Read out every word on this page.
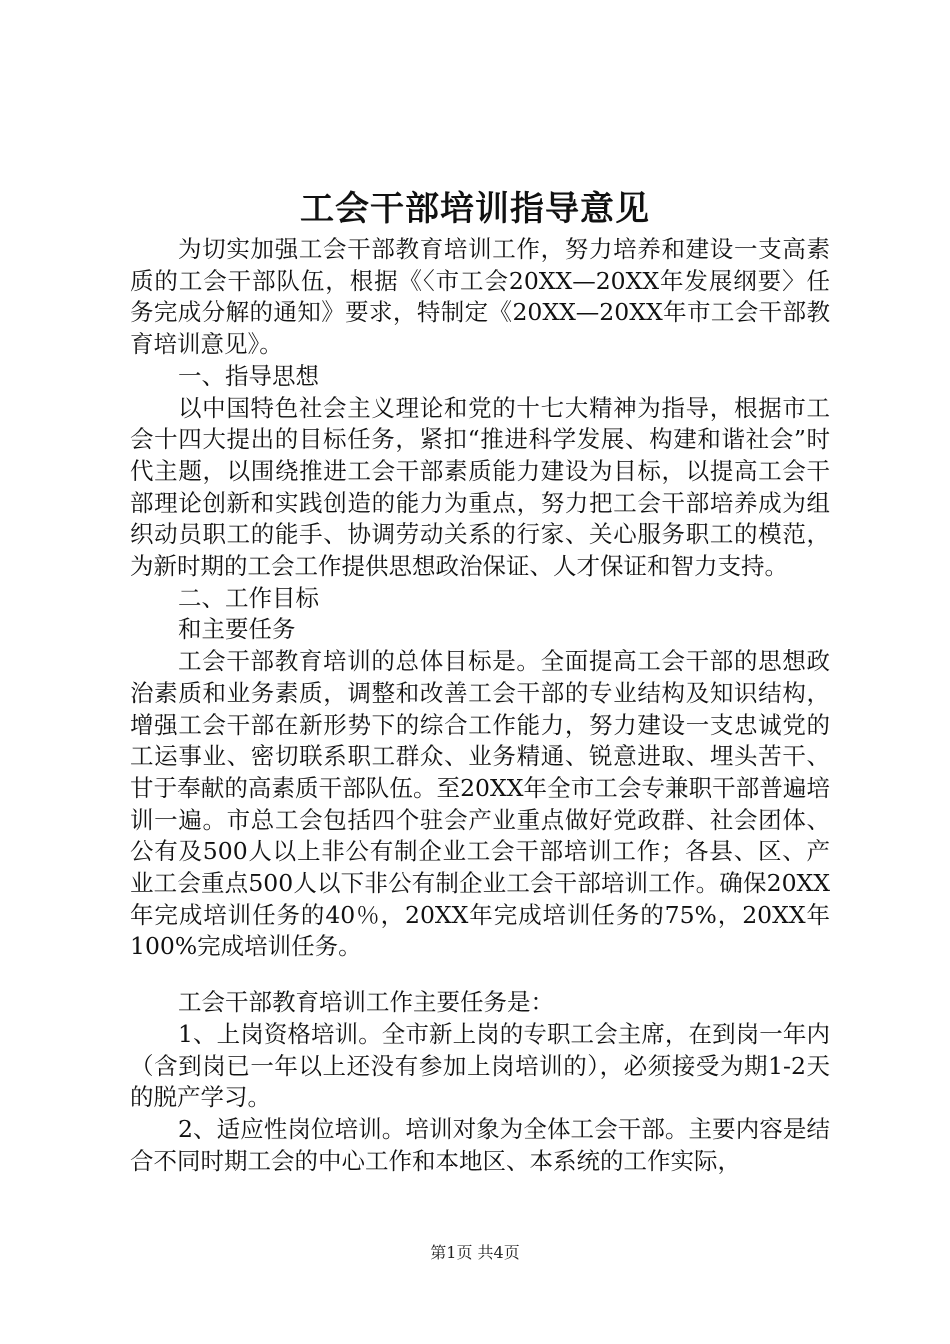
工会干部培训指导意见

为切实加强工会干部教育培训工作，努力培养和建设一支高素质的工会干部队伍，根据《〈市工会20XX—20XX年发展纲要〉任务完成分解的通知》要求，特制定《20XX—20XX年市工会干部教育培训意见》。

一、指导思想

以中国特色社会主义理论和党的十七大精神为指导，根据市工会十四大提出的目标任务，紧扣“推进科学发展、构建和谐社会”时代主题，以围绕推进工会干部素质能力建设为目标，以提高工会干部理论创新和实践创造的能力为重点，努力把工会干部培养成为组织动员职工的能手、协调劳动关系的行家、关心服务职工的模范，为新时期的工会工作提供思想政治保证、人才保证和智力支持。

二、工作目标

和主要任务

工会干部教育培训的总体目标是。全面提高工会干部的思想政治素质和业务素质，调整和改善工会干部的专业结构及知识结构，增强工会干部在新形势下的综合工作能力，努力建设一支忠诚党的工运事业、密切联系职工群众、业务精通、锐意进取、埋头苦干、甘于奉献的高素质干部队伍。至20XX年全市工会专兼职干部普遍培训一遍。市总工会包括四个驻会产业重点做好党政群、社会团体、公有及500人以上非公有制企业工会干部培训工作；各县、区、产业工会重点500人以下非公有制企业工会干部培训工作。确保20XX年完成培训任务的40％，20XX年完成培训任务的75%，20XX年100%完成培训任务。

工会干部教育培训工作主要任务是：

1、上岗资格培训。全市新上岗的专职工会主席，在到岗一年内（含到岗已一年以上还没有参加上岗培训的），必须接受为期1-2天的脱产学习。

2、适应性岗位培训。培训对象为全体工会干部。主要内容是结合不同时期工会的中心工作和本地区、本系统的工作实际，

第1页 共4页
